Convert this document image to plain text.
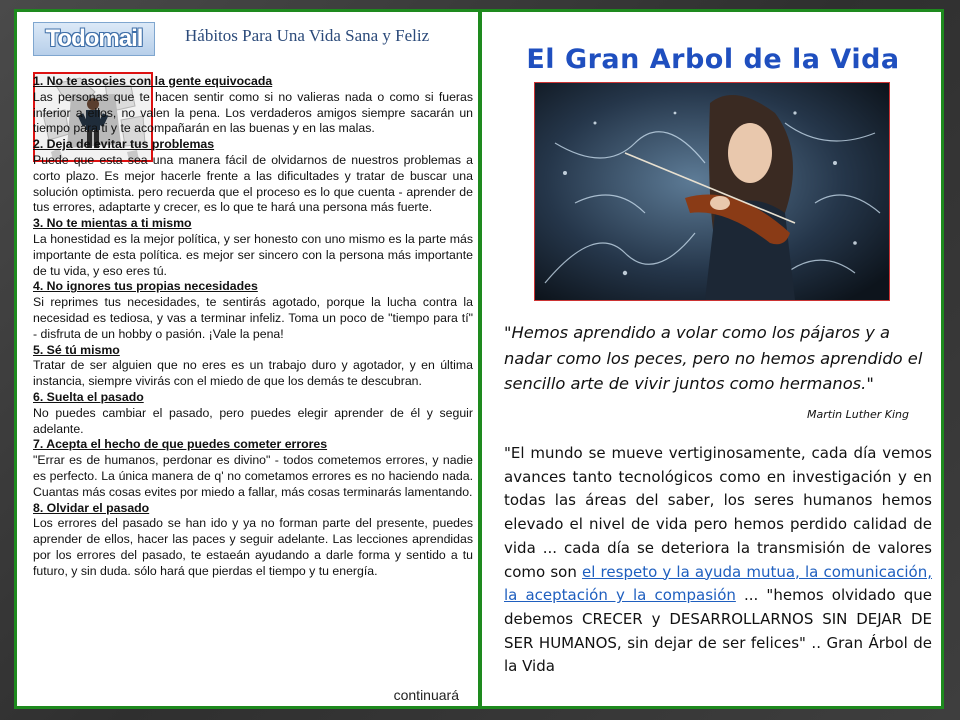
Todomail	Hábitos Para Una Vida Sana y Feliz

1. No te asocies con la gente equivocada

Las personas que te hacen sentir como si no valieras nada o como si fueras inferior a ellos, no valen la pena. Los verdaderos amigos siempre sacarán un tiempo para ti y te acompañarán en las buenas y en las malas.

2. Deja de evitar tus problemas

Puede que esta sea una manera fácil de olvidarnos de nuestros problemas a corto plazo. Es mejor hacerle frente a las dificultades y tratar de buscar una solución optimista. pero recuerda que el proceso es lo que cuenta - aprender de tus errores, adaptarte y crecer, es lo que te hará una persona más fuerte.

3. No te mientas a ti mismo

La honestidad es la mejor política, y ser honesto con uno mismo es la parte más importante de esta política. es mejor ser sincero con la persona más importante de tu vida, y eso eres tú.

4. No ignores tus propias necesidades

Si reprimes tus necesidades, te sentirás agotado, porque la lucha contra la necesidad es tediosa, y vas a terminar infeliz. Toma un poco de "tiempo para tí" - disfruta de un hobby o pasión. ¡Vale la pena!

5. Sé tú mismo

Tratar de ser alguien que no eres es un trabajo duro y agotador, y en última instancia, siempre vivirás con el miedo de que los demás te descubran.

6. Suelta el pasado

No puedes cambiar el pasado, pero puedes elegir aprender de él y seguir adelante.

7. Acepta el hecho de que puedes cometer errores

"Errar es de humanos, perdonar es divino" - todos cometemos errores, y nadie es perfecto. La única manera de q' no cometamos errores es no haciendo nada. Cuantas más cosas evites por miedo a fallar, más cosas terminarás lamentando.

8. Olvidar el pasado

Los errores del pasado se han ido y ya no forman parte del presente, puedes aprender de ellos, hacer las paces y seguir adelante. Las lecciones aprendidas por los errores del pasado, te estaeán ayudando a darle forma y sentido a tu futuro, y sin duda. sólo hará que pierdas el tiempo y tu energía.

continuará
El Gran Arbol de la Vida
"Hemos aprendido a volar como los pájaros y a nadar como los peces, pero no hemos aprendido el sencillo arte de vivir juntos como hermanos."
Martin Luther King
"El mundo se mueve vertiginosamente, cada día vemos avances tanto tecnológicos como en investigación y en todas las áreas del saber, los seres humanos hemos elevado el nivel de vida pero hemos perdido calidad de vida ... cada día se deteriora la transmisión de valores como son el respeto y la ayuda mutua, la comunicación, la aceptación y la compasión ... "hemos olvidado que debemos CRECER y DESARROLLARNOS SIN DEJAR DE SER HUMANOS, sin dejar de ser felices" .. Gran Árbol de la Vida
